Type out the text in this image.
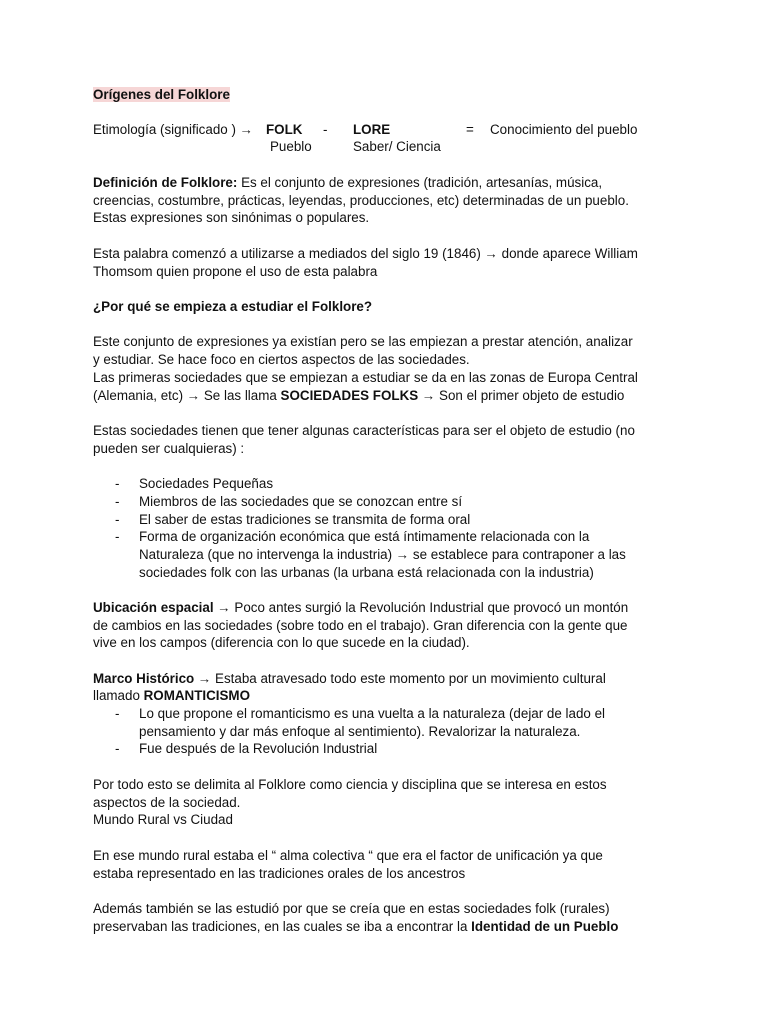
Orígenes del Folklore
Etimología (significado ) → FOLK - LORE	= Conocimiento del pueblo
Pueblo	Saber/ Ciencia
Definición de Folklore: Es el conjunto de expresiones (tradición, artesanías, música,
creencias, costumbre, prácticas, leyendas, producciones, etc) determinadas de un pueblo.
Estas expresiones son sinónimas o populares.
Esta palabra comenzó a utilizarse a mediados del siglo 19 (1846) → donde aparece William
Thomsom quien propone el uso de esta palabra
¿Por qué se empieza a estudiar el Folklore?
Este conjunto de expresiones ya existían pero se las empiezan a prestar atención, analizar
y estudiar. Se hace foco en ciertos aspectos de las sociedades.
Las primeras sociedades que se empiezan a estudiar se da en las zonas de Europa Central
(Alemania, etc) → Se las llama SOCIEDADES FOLKS → Son el primer objeto de estudio
Estas sociedades tienen que tener algunas características para ser el objeto de estudio (no
pueden ser cualquieras) :
- Sociedades Pequeñas
- Miembros de las sociedades que se conozcan entre sí
- El saber de estas tradiciones se transmita de forma oral
- Forma de organización económica que está íntimamente relacionada con la
Naturaleza (que no intervenga la industria) → se establece para contraponer a las
sociedades folk con las urbanas (la urbana está relacionada con la industria)
Ubicación espacial → Poco antes surgió la Revolución Industrial que provocó un montón
de cambios en las sociedades (sobre todo en el trabajo). Gran diferencia con la gente que
vive en los campos (diferencia con lo que sucede en la ciudad).
Marco Histórico → Estaba atravesado todo este momento por un movimiento cultural
llamado ROMANTICISMO
- Lo que propone el romanticismo es una vuelta a la naturaleza (dejar de lado el
pensamiento y dar más enfoque al sentimiento). Revalorizar la naturaleza.
- Fue después de la Revolución Industrial
Por todo esto se delimita al Folklore como ciencia y disciplina que se interesa en estos
aspectos de la sociedad.
Mundo Rural vs Ciudad
En ese mundo rural estaba el “ alma colectiva “ que era el factor de unificación ya que
estaba representado en las tradiciones orales de los ancestros
Además también se las estudió por que se creía que en estas sociedades folk (rurales)
preservaban las tradiciones, en las cuales se iba a encontrar la Identidad de un Pueblo
